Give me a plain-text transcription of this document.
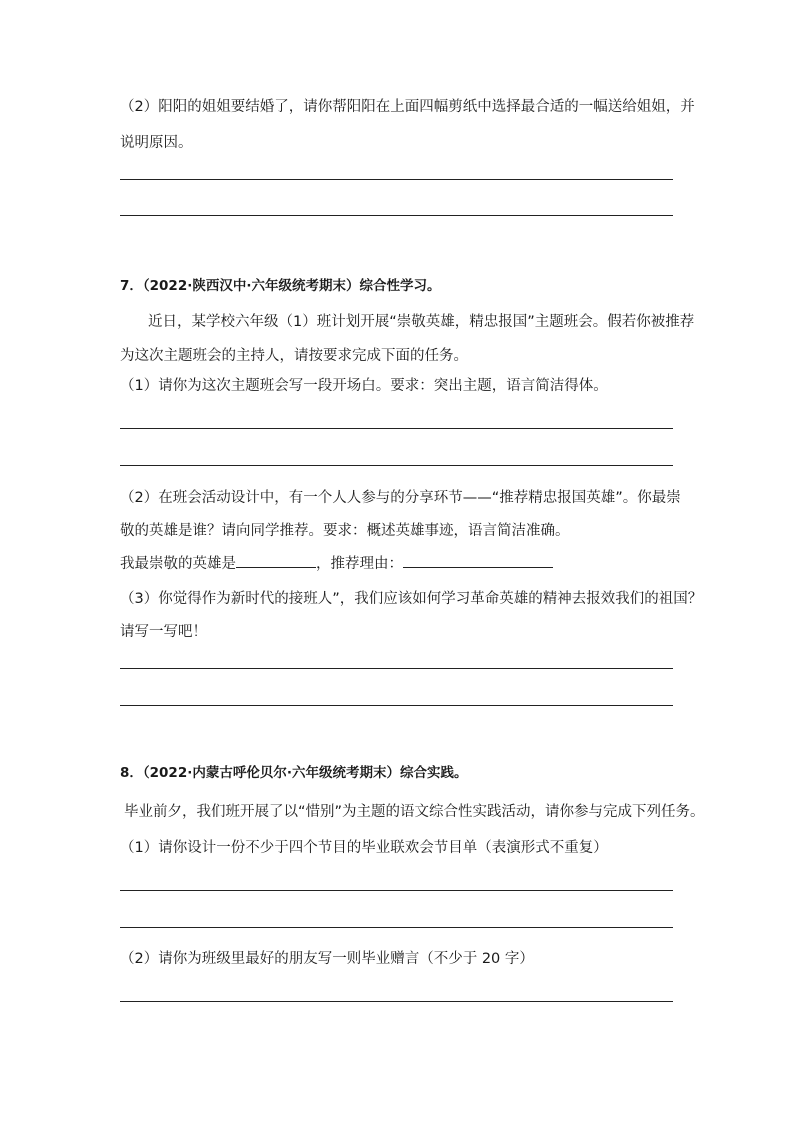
（2）阳阳的姐姐要结婚了，请你帮阳阳在上面四幅剪纸中选择最合适的一幅送给姐姐，并
说明原因。
7．（2022·陕西汉中·六年级统考期末）综合性学习。
近日，某学校六年级（1）班计划开展“崇敬英雄，精忠报国”主题班会。假若你被推荐
为这次主题班会的主持人，请按要求完成下面的任务。
（1）请你为这次主题班会写一段开场白。要求：突出主题，语言简洁得体。
（2）在班会活动设计中，有一个人人参与的分享环节——“推荐精忠报国英雄”。你最崇
敬的英雄是谁？请向同学推荐。要求：概述英雄事迹，语言简洁准确。
我最崇敬的英雄是	，推荐理由：
（3）你觉得作为新时代的接班人”，我们应该如何学习革命英雄的精神去报效我们的祖国？
请写一写吧！
8．（2022·内蒙古呼伦贝尔·六年级统考期末）综合实践。
毕业前夕，我们班开展了以“惜别”为主题的语文综合性实践活动，请你参与完成下列任务。
（1）请你设计一份不少于四个节目的毕业联欢会节目单（表演形式不重复）
（2）请你为班级里最好的朋友写一则毕业赠言（不少于 20 字）
